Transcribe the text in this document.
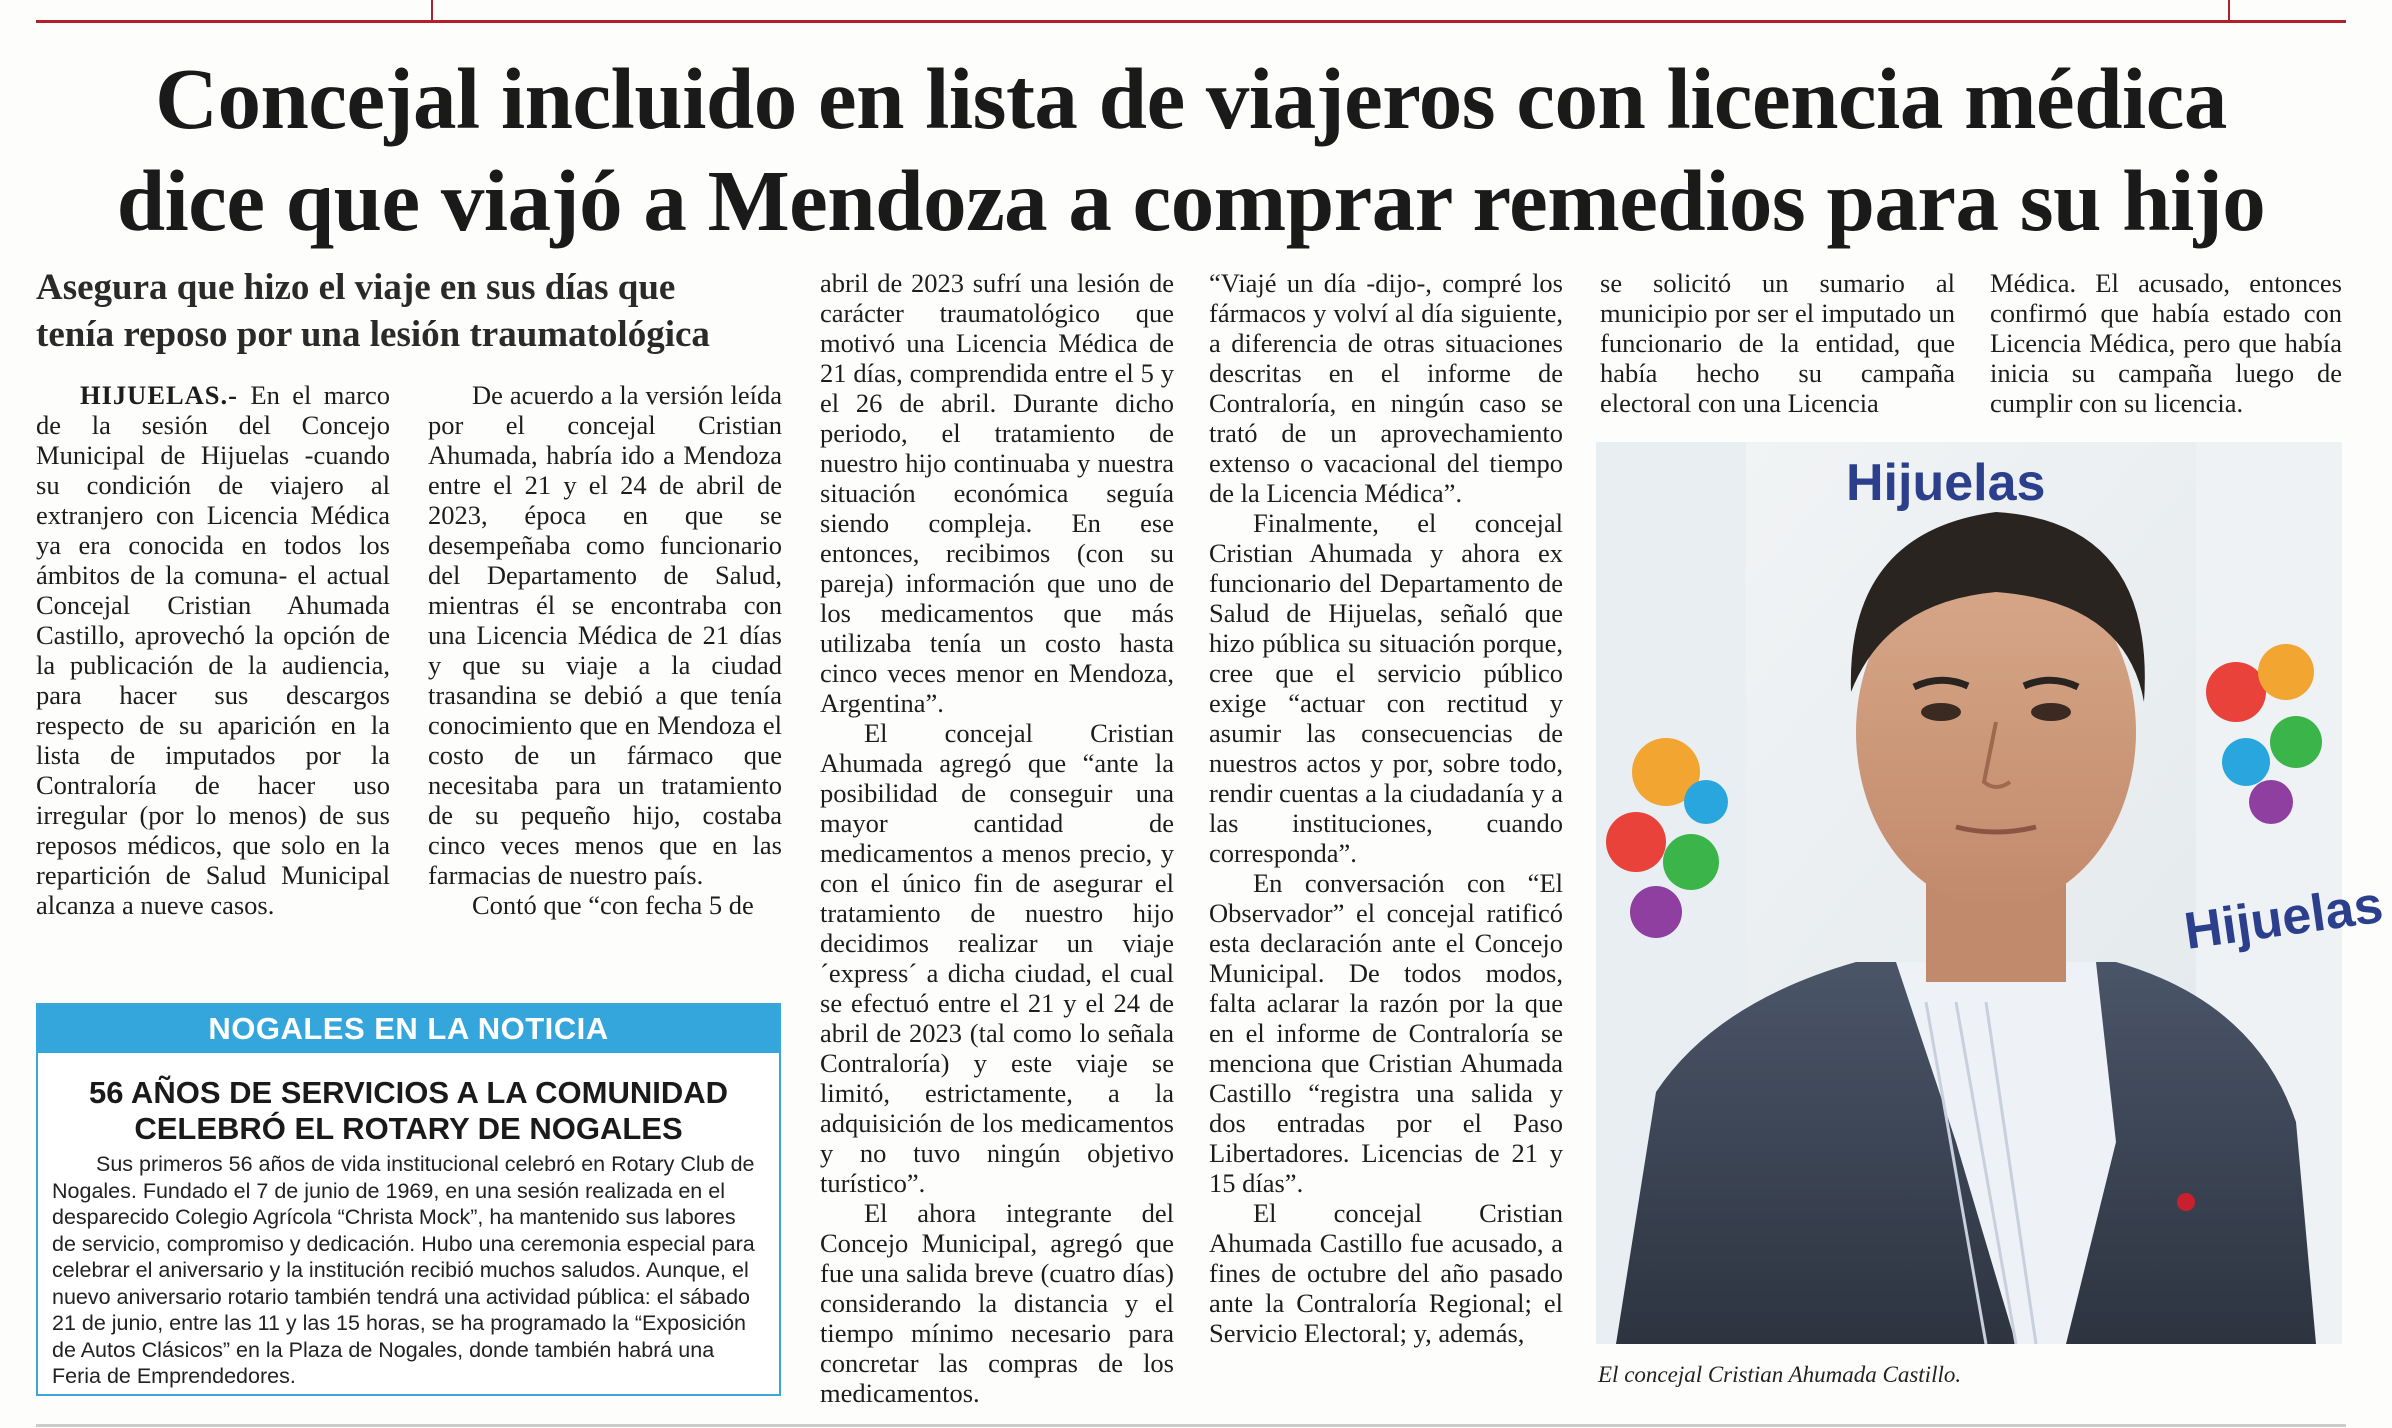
Concejal incluido en lista de viajeros con licencia médica
dice que viajó a Mendoza a comprar remedios para su hijo
Asegura que hizo el viaje en sus días que
tenía reposo por una lesión traumatológica

HIJUELAS.- En el marco de la sesión del Concejo Municipal de Hijuelas -cuando su condición de viajero al extranjero con Licencia Médica ya era conocida en todos los ámbitos de la comuna- el actual Concejal Cristian Ahumada Castillo, aprovechó la opción de la publicación de la audiencia, para hacer sus descargos respecto de su aparición en la lista de imputados por la Contraloría de hacer uso irregular (por lo menos) de sus reposos médicos, que solo en la repartición de Salud Municipal alcanza a nueve casos.

De acuerdo a la versión leída por el concejal Cristian Ahumada, habría ido a Mendoza entre el 21 y el 24 de abril de 2023, época en que se desempeñaba como funcionario del Departamento de Salud, mientras él se encontraba con una Licencia Médica de 21 días y que su viaje a la ciudad trasandina se debió a que tenía conocimiento que en Mendoza el costo de un fármaco que necesitaba para un tratamiento de su pequeño hijo, costaba cinco veces menos que en las farmacias de nuestro país.

Contó que “con fecha 5 de

abril de 2023 sufrí una lesión de carácter traumatológico que motivó una Licencia Médica de 21 días, comprendida entre el 5 y el 26 de abril. Durante dicho periodo, el tratamiento de nuestro hijo continuaba y nuestra situación económica seguía siendo compleja. En ese entonces, recibimos (con su pareja) información que uno de los medicamentos que más utilizaba tenía un costo hasta cinco veces menor en Mendoza, Argentina”.

El concejal Cristian Ahumada agregó que “ante la posibilidad de conseguir una mayor cantidad de medicamentos a menos precio, y con el único fin de asegurar el tratamiento de nuestro hijo decidimos realizar un viaje ´express´ a dicha ciudad, el cual se efectuó entre el 21 y el 24 de abril de 2023 (tal como lo señala Contraloría) y este viaje se limitó, estrictamente, a la adquisición de los medicamentos y no tuvo ningún objetivo turístico”.

El ahora integrante del Concejo Municipal, agregó que fue una salida breve (cuatro días) considerando la distancia y el tiempo mínimo necesario para concretar las compras de los medicamentos.

“Viajé un día -dijo-, compré los fármacos y volví al día siguiente, a diferencia de otras situaciones descritas en el informe de Contraloría, en ningún caso se trató de un aprovechamiento extenso o vacacional del tiempo de la Licencia Médica”.

Finalmente, el concejal Cristian Ahumada y ahora ex funcionario del Departamento de Salud de Hijuelas, señaló que hizo pública su situación porque, cree que el servicio público exige “actuar con rectitud y asumir las consecuencias de nuestros actos y por, sobre todo, rendir cuentas a la ciudadanía y a las instituciones, cuando corresponda”.

En conversación con “El Observador” el concejal ratificó esta declaración ante el Concejo Municipal. De todos modos, falta aclarar la razón por la que en el informe de Contraloría se menciona que Cristian Ahumada Castillo “registra una salida y dos entradas por el Paso Libertadores. Licencias de 21 y 15 días”.

El concejal Cristian Ahumada Castillo fue acusado, a fines de octubre del año pasado ante la Contraloría Regional; el Servicio Electoral; y, además,

se solicitó un sumario al municipio por ser el imputado un funcionario de la entidad, que había hecho su campaña electoral con una Licencia

Médica. El acusado, entonces confirmó que había estado con Licencia Médica, pero que había inicia su campaña luego de cumplir con su licencia.

NOGALES EN LA NOTICIA
56 AÑOS DE SERVICIOS A LA COMUNIDAD CELEBRÓ EL ROTARY DE NOGALES
Sus primeros 56 años de vida institucional celebró en Rotary Club de Nogales. Fundado el 7 de junio de 1969, en una sesión realizada en el desparecido Colegio Agrícola “Christa Mock”, ha mantenido sus labores de servicio, compromiso y dedicación. Hubo una ceremonia especial para celebrar el aniversario y la institución recibió muchos saludos. Aunque, el nuevo aniversario rotario también tendrá una actividad pública: el sábado 21 de junio, entre las 11 y las 15 horas, se ha programado la “Exposición de Autos Clásicos” en la Plaza de Nogales, donde también habrá una Feria de Emprendedores.
Hijuelas
Hijuelas
El concejal Cristian Ahumada Castillo.
